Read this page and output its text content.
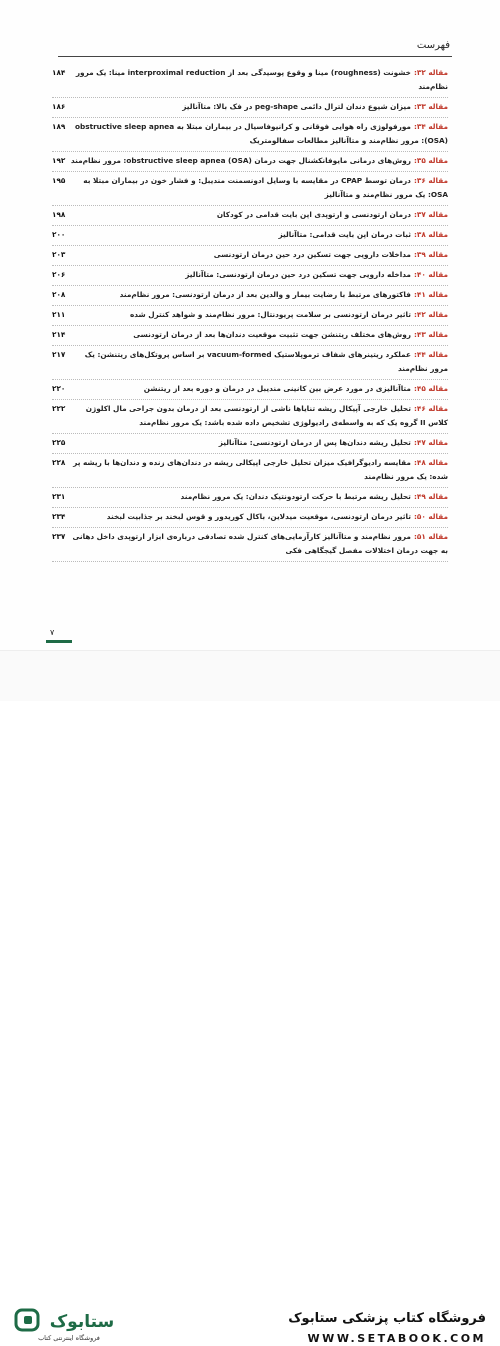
فهرست
۱۸۴	مقاله ۳۲:خشونت (roughness) مینا و وقوع پوسیدگی بعد از interproximal reduction مینا: یک مرور نظام‌مند
۱۸۶	مقاله ۳۳:میزان شیوع دندان لترال دائمی peg-shape در فک بالا: متاآنالیز
۱۸۹	مقاله ۳۴:مورفولوژی راه هوایی فوقانی و کرانیوفاسیال در بیماران مبتلا به obstructive sleep apnea (OSA): مرور نظام‌مند و متاآنالیز مطالعات سفالومتریک
۱۹۲	مقاله ۳۵:روش‌های درمانی مایوفانکشنال جهت درمان obstructive sleep apnea (OSA): مرور نظام‌مند
۱۹۵	مقاله ۳۶:درمان توسط CPAP در مقایسه با وسایل ادونسمنت مندیبل: و فشار خون در بیماران مبتلا به OSA: یک مرور نظام‌مند و متاآنالیز
۱۹۸	مقاله ۳۷:درمان ارتودنسی و ارتوپدی اپن بایت قدامی در کودکان
۲۰۰	مقاله ۳۸:ثبات درمان اپن بایت قدامی: متاآنالیز
۲۰۳	مقاله ۳۹:مداخلات دارویی جهت تسکین درد حین درمان ارتودنسی
۲۰۶	مقاله ۴۰:مداخله دارویی جهت تسکین درد حین درمان ارتودنسی: متاآنالیز
۲۰۸	مقاله ۴۱:فاکتورهای مرتبط با رضایت بیمار و والدین بعد از درمان ارتودنسی: مرور نظام‌مند
۲۱۱	مقاله ۴۲:تاثیر درمان ارتودنسی بر سلامت پریودنتال: مرور نظام‌مند و شواهد کنترل شده
۲۱۴	مقاله ۴۳:روش‌های مختلف ریتنشن جهت تثبیت موقعیت دندان‌ها بعد از درمان ارتودنسی
۲۱۷	مقاله ۴۴:عملکرد ریتینرهای شفاف ترموپلاستیک vacuum-formed بر اساس پروتکل‌های ریتنشن: یک مرور نظام‌مند
۲۲۰	مقاله ۴۵:متاآنالیزی در مورد عرض بین کانینی مندیبل در درمان و دوره بعد از ریتنشن
۲۲۲	مقاله ۴۶:تحلیل خارجی آپیکال ریشه تنایاها ناشی از ارتودنسی بعد از درمان بدون جراحی مال اکلوژن کلاس II گروه یک که به واسطه‌ی رادیولوژی تشخیص داده شده باشد: یک مرور نظام‌مند
۲۲۵	مقاله ۴۷:تحلیل ریشه دندان‌ها پس از درمان ارتودنسی: متاآنالیز
۲۲۸	مقاله ۴۸:مقایسه رادیوگرافیک میزان تحلیل خارجی اپیکالی ریشه در دندان‌های زنده و دندان‌ها با ریشه پر شده: یک مرور نظام‌مند
۲۳۱	مقاله ۴۹:تحلیل ریشه مرتبط با حرکت ارتودونتیک دندان: یک مرور نظام‌مند
۲۳۴	مقاله ۵۰:تاثیر درمان ارتودنسی، موقعیت میدلاین، باکال کوریدور و قوس لبخند بر جذابیت لبخند
۲۳۷	مقاله ۵۱:مرور نظام‌مند و متاآنالیز کارآزمایی‌های کنترل شده تصادفی درباره‌ی ابزار ارتوپدی داخل دهانی به جهت درمان اختلالات مفصل گیجگاهی فکی
۷
ستابوک
فروشگاه اینترنتی کتاب
فروشگاه کتاب پزشکی ستابوک
WWW.SETABOOK.COM
